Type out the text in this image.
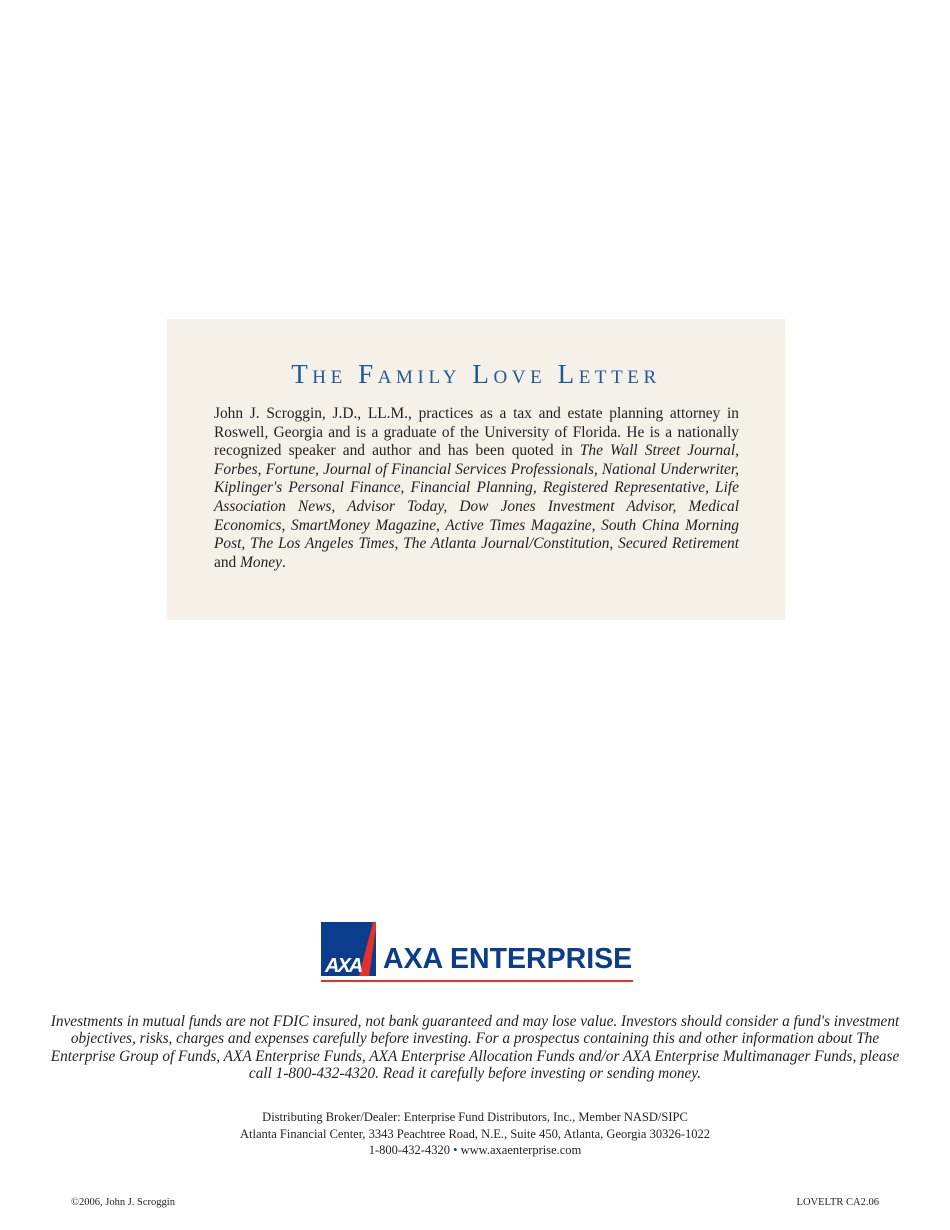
The Family Love Letter

John J. Scroggin, J.D., LL.M., practices as a tax and estate planning attorney in Roswell, Georgia and is a graduate of the University of Florida. He is a nationally recognized speaker and author and has been quoted in The Wall Street Journal, Forbes, Fortune, Journal of Financial Services Professionals, National Underwriter, Kiplinger's Personal Finance, Financial Planning, Registered Representative, Life Association News, Advisor Today, Dow Jones Investment Advisor, Medical Economics, SmartMoney Magazine, Active Times Magazine, South China Morning Post, The Los Angeles Times, The Atlanta Journal/Constitution, Secured Retirement and Money.

AXA AXA ENTERPRISE

Investments in mutual funds are not FDIC insured, not bank guaranteed and may lose value. Investors should consider a fund's investment objectives, risks, charges and expenses carefully before investing. For a prospectus containing this and other information about The Enterprise Group of Funds, AXA Enterprise Funds, AXA Enterprise Allocation Funds and/or AXA Enterprise Multimanager Funds, please call 1-800-432-4320. Read it carefully before investing or sending money.

Distributing Broker/Dealer: Enterprise Fund Distributors, Inc., Member NASD/SIPC
Atlanta Financial Center, 3343 Peachtree Road, N.E., Suite 450, Atlanta, Georgia 30326-1022
1-800-432-4320 • www.axaenterprise.com
©2006, John J. Scroggin	LOVELTR CA2.06
